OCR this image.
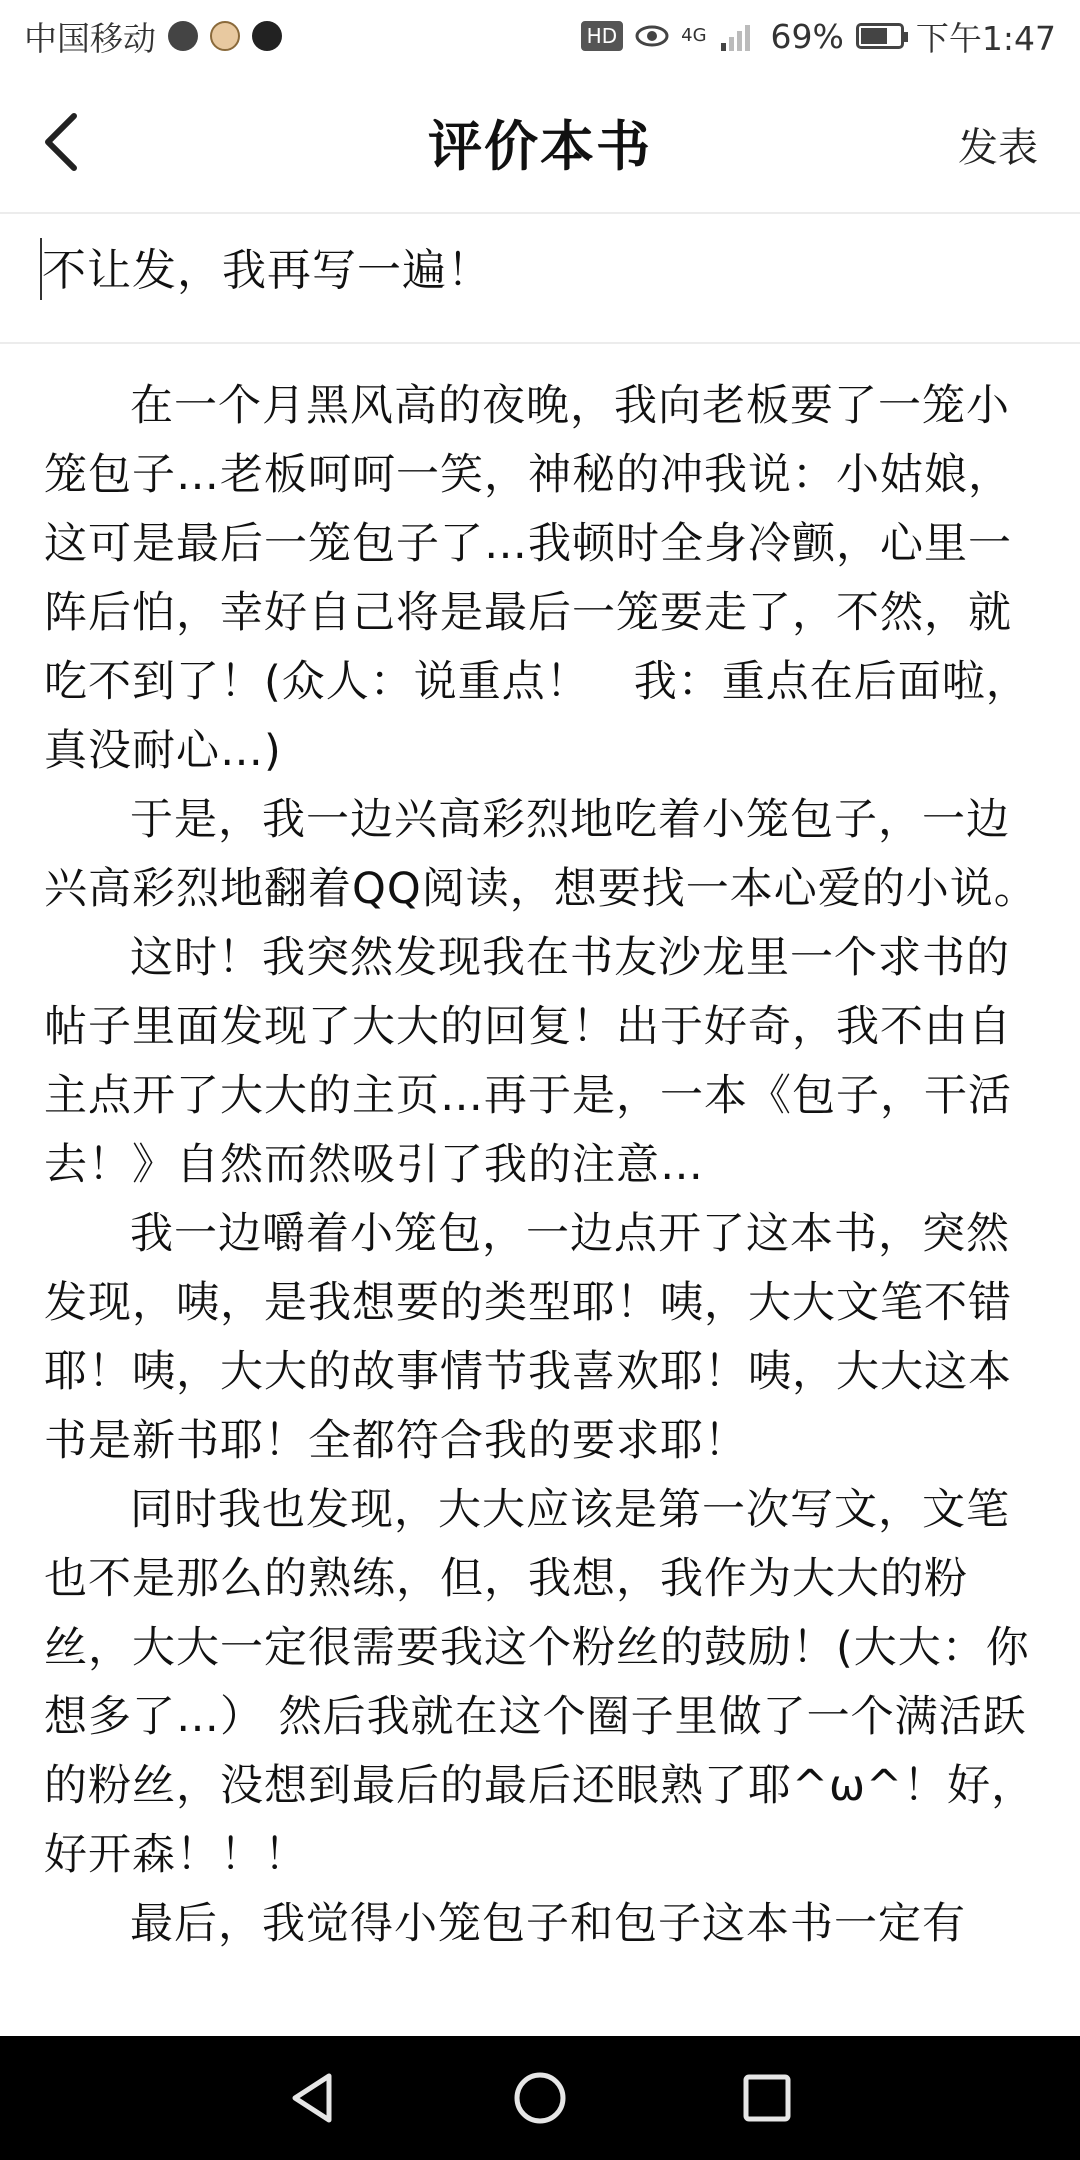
中国移动	HD	4G 69% 下午1:47
评价本书	发表
不让发，我再写一遍！

在一个月黑风高的夜晚，我向老板要了一笼小笼包子…老板呵呵一笑，神秘的冲我说：小姑娘，这可是最后一笼包子了…我顿时全身冷颤，心里一阵后怕，幸好自己将是最后一笼要走了，不然，就吃不到了！(众人：说重点！　我：重点在后面啦，真没耐心…)

于是，我一边兴高彩烈地吃着小笼包子，一边兴高彩烈地翻着QQ阅读，想要找一本心爱的小说。

这时！我突然发现我在书友沙龙里一个求书的帖子里面发现了大大的回复！出于好奇，我不由自主点开了大大的主页…再于是，一本《包子，干活去！》自然而然吸引了我的注意…

我一边嚼着小笼包，一边点开了这本书，突然发现，咦，是我想要的类型耶！咦，大大文笔不错耶！咦，大大的故事情节我喜欢耶！咦，大大这本书是新书耶！全都符合我的要求耶！

同时我也发现，大大应该是第一次写文，文笔也不是那么的熟练，但，我想，我作为大大的粉丝，大大一定很需要我这个粉丝的鼓励！(大大：你想多了…） 然后我就在这个圈子里做了一个满活跃的粉丝，没想到最后的最后还眼熟了耶^ω^！好，好开森！！！

最后，我觉得小笼包子和包子这本书一定有
